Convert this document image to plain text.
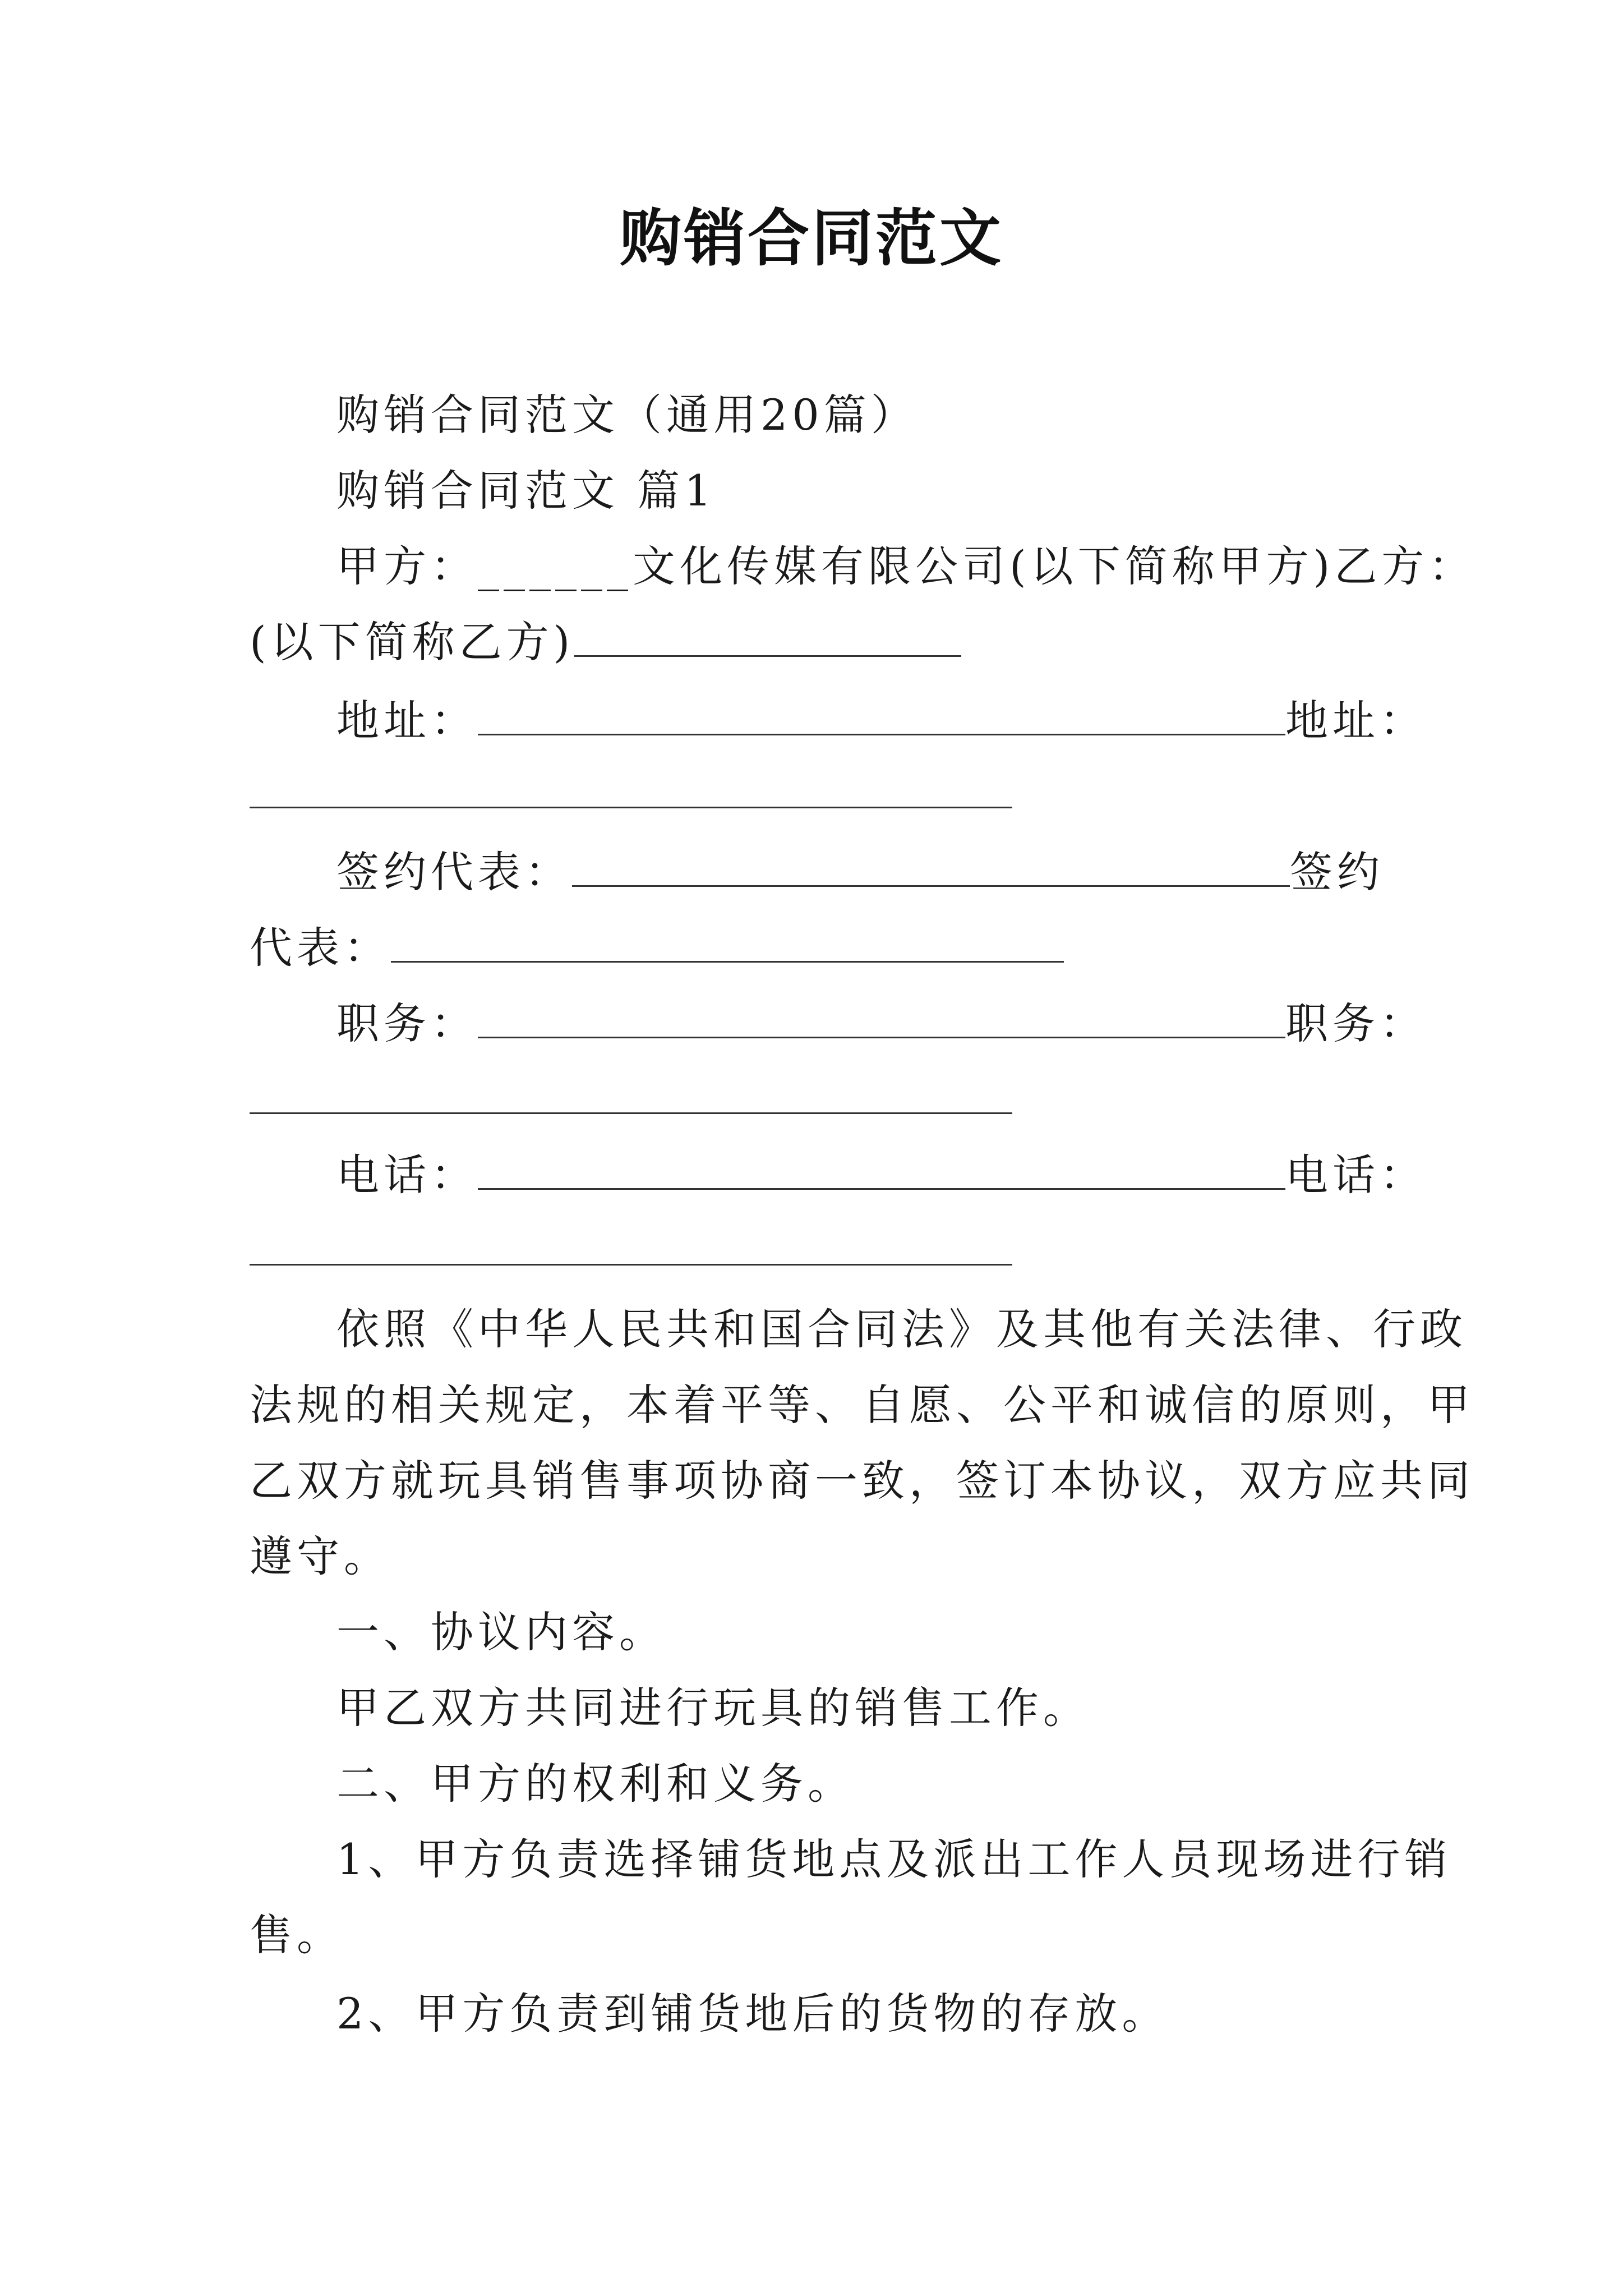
购销合同范文
购销合同范文（通用20篇）
购销合同范文 篇1
甲方：______文化传媒有限公司(以下简称甲方)乙方：
(以下简称乙方)
地址：	地址：
签约代表：	签约
代表：
职务：	职务：
电话：	电话：
依照《中华人民共和国合同法》及其他有关法律、行政
法规的相关规定，本着平等、自愿、公平和诚信的原则，甲
乙双方就玩具销售事项协商一致，签订本协议，双方应共同
遵守。
一、协议内容。
甲乙双方共同进行玩具的销售工作。
二、甲方的权利和义务。
1、甲方负责选择铺货地点及派出工作人员现场进行销
售。
2、甲方负责到铺货地后的货物的存放。
